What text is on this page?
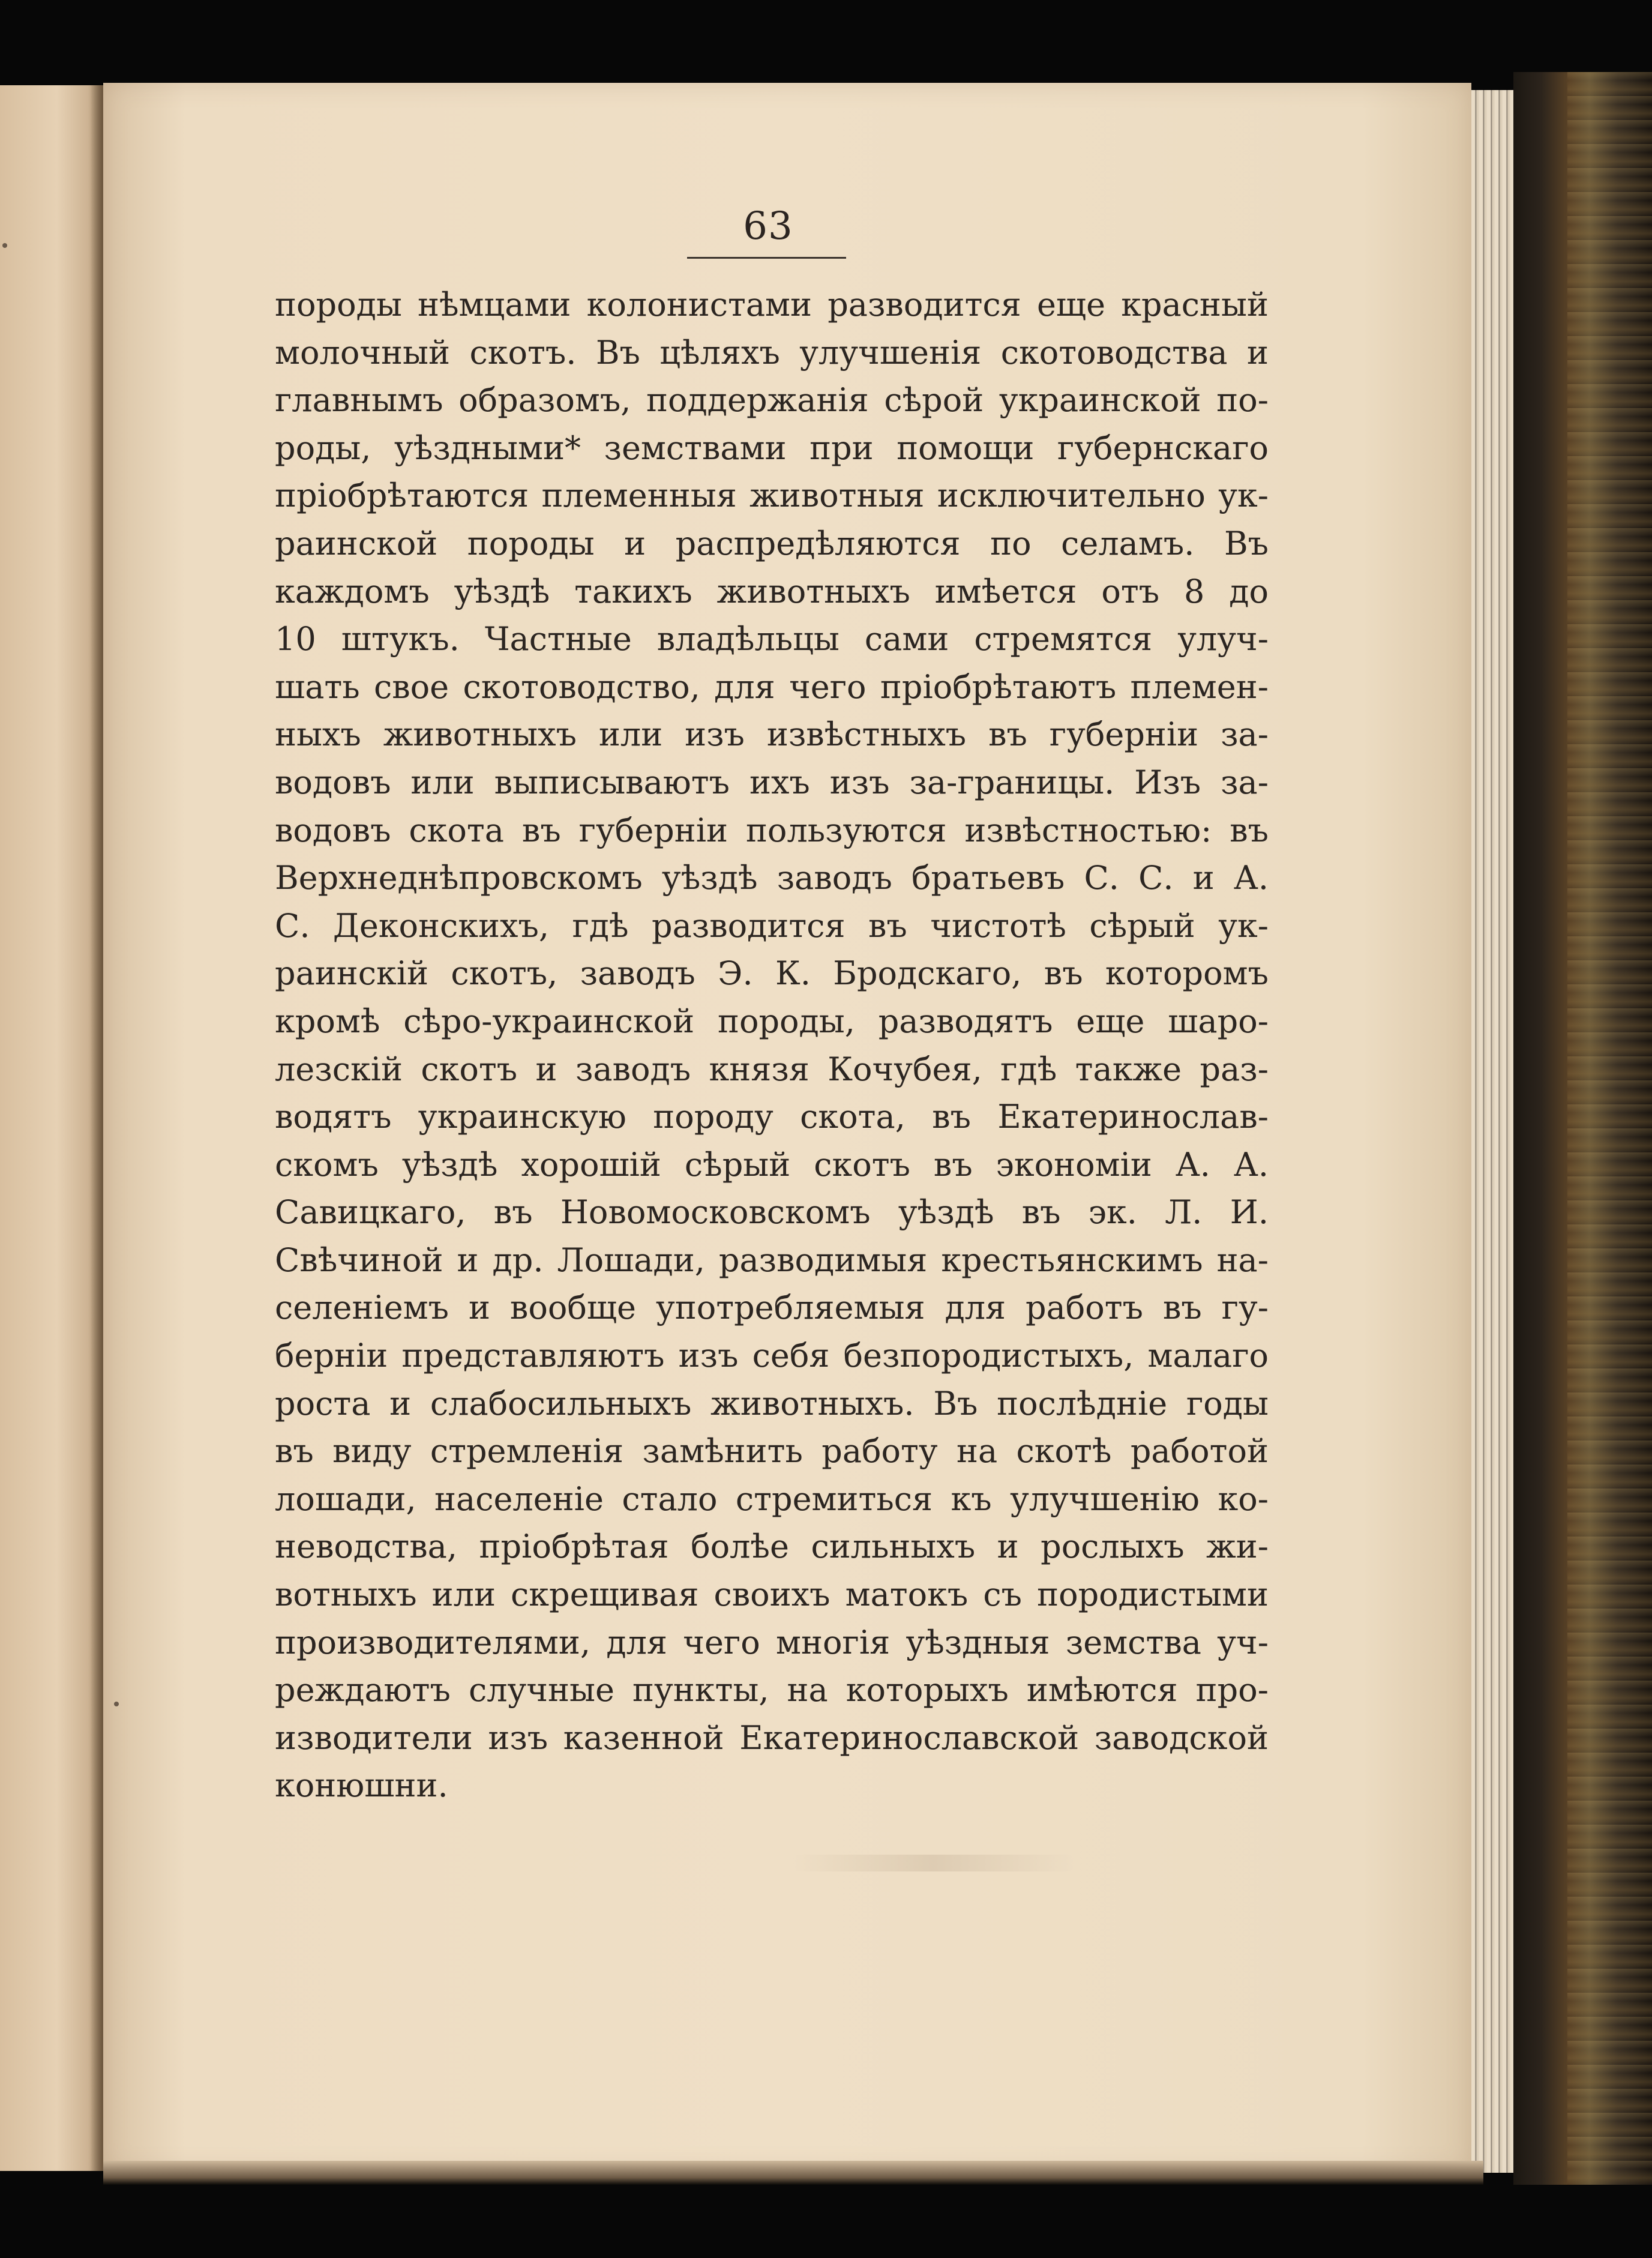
63
породы нѣмцами колонистами разводится еще красный
молочный скотъ. Въ цѣляхъ улучшенія скотоводства и
главнымъ образомъ, поддержанія сѣрой украинской по-
роды, уѣздными* земствами при помощи губернскаго
пріобрѣтаются племенныя животныя исключительно ук-
раинской породы и распредѣляются по селамъ. Въ
каждомъ уѣздѣ такихъ животныхъ имѣется отъ 8 до
10 штукъ. Частные владѣльцы сами стремятся улуч-
шать свое скотоводство, для чего пріобрѣтаютъ племен-
ныхъ животныхъ или изъ извѣстныхъ въ губерніи за-
водовъ или выписываютъ ихъ изъ за-границы. Изъ за-
водовъ скота въ губерніи пользуются извѣстностью: въ
Верхнеднѣпровскомъ уѣздѣ заводъ братьевъ С. С. и А.
С. Деконскихъ, гдѣ разводится въ чистотѣ сѣрый ук-
раинскій скотъ, заводъ Э. К. Бродскаго, въ которомъ
кромѣ сѣро-украинской породы, разводятъ еще шаро-
лезскій скотъ и заводъ князя Кочубея, гдѣ также раз-
водятъ украинскую породу скота, въ Екатеринослав-
скомъ уѣздѣ хорошій сѣрый скотъ въ экономіи А. А.
Савицкаго, въ Новомосковскомъ уѣздѣ въ эк. Л. И.
Свѣчиной и др. Лошади, разводимыя крестьянскимъ на-
селеніемъ и вообще употребляемыя для работъ въ гу-
берніи представляютъ изъ себя безпородистыхъ, малаго
роста и слабосильныхъ животныхъ. Въ послѣдніе годы
въ виду стремленія замѣнить работу на скотѣ работой
лошади, населеніе стало стремиться къ улучшенію ко-
неводства, пріобрѣтая болѣе сильныхъ и рослыхъ жи-
вотныхъ или скрещивая своихъ матокъ съ породистыми
производителями, для чего многія уѣздныя земства уч-
реждаютъ случные пункты, на которыхъ имѣются про-
изводители изъ казенной Екатеринославской заводской
конюшни.
